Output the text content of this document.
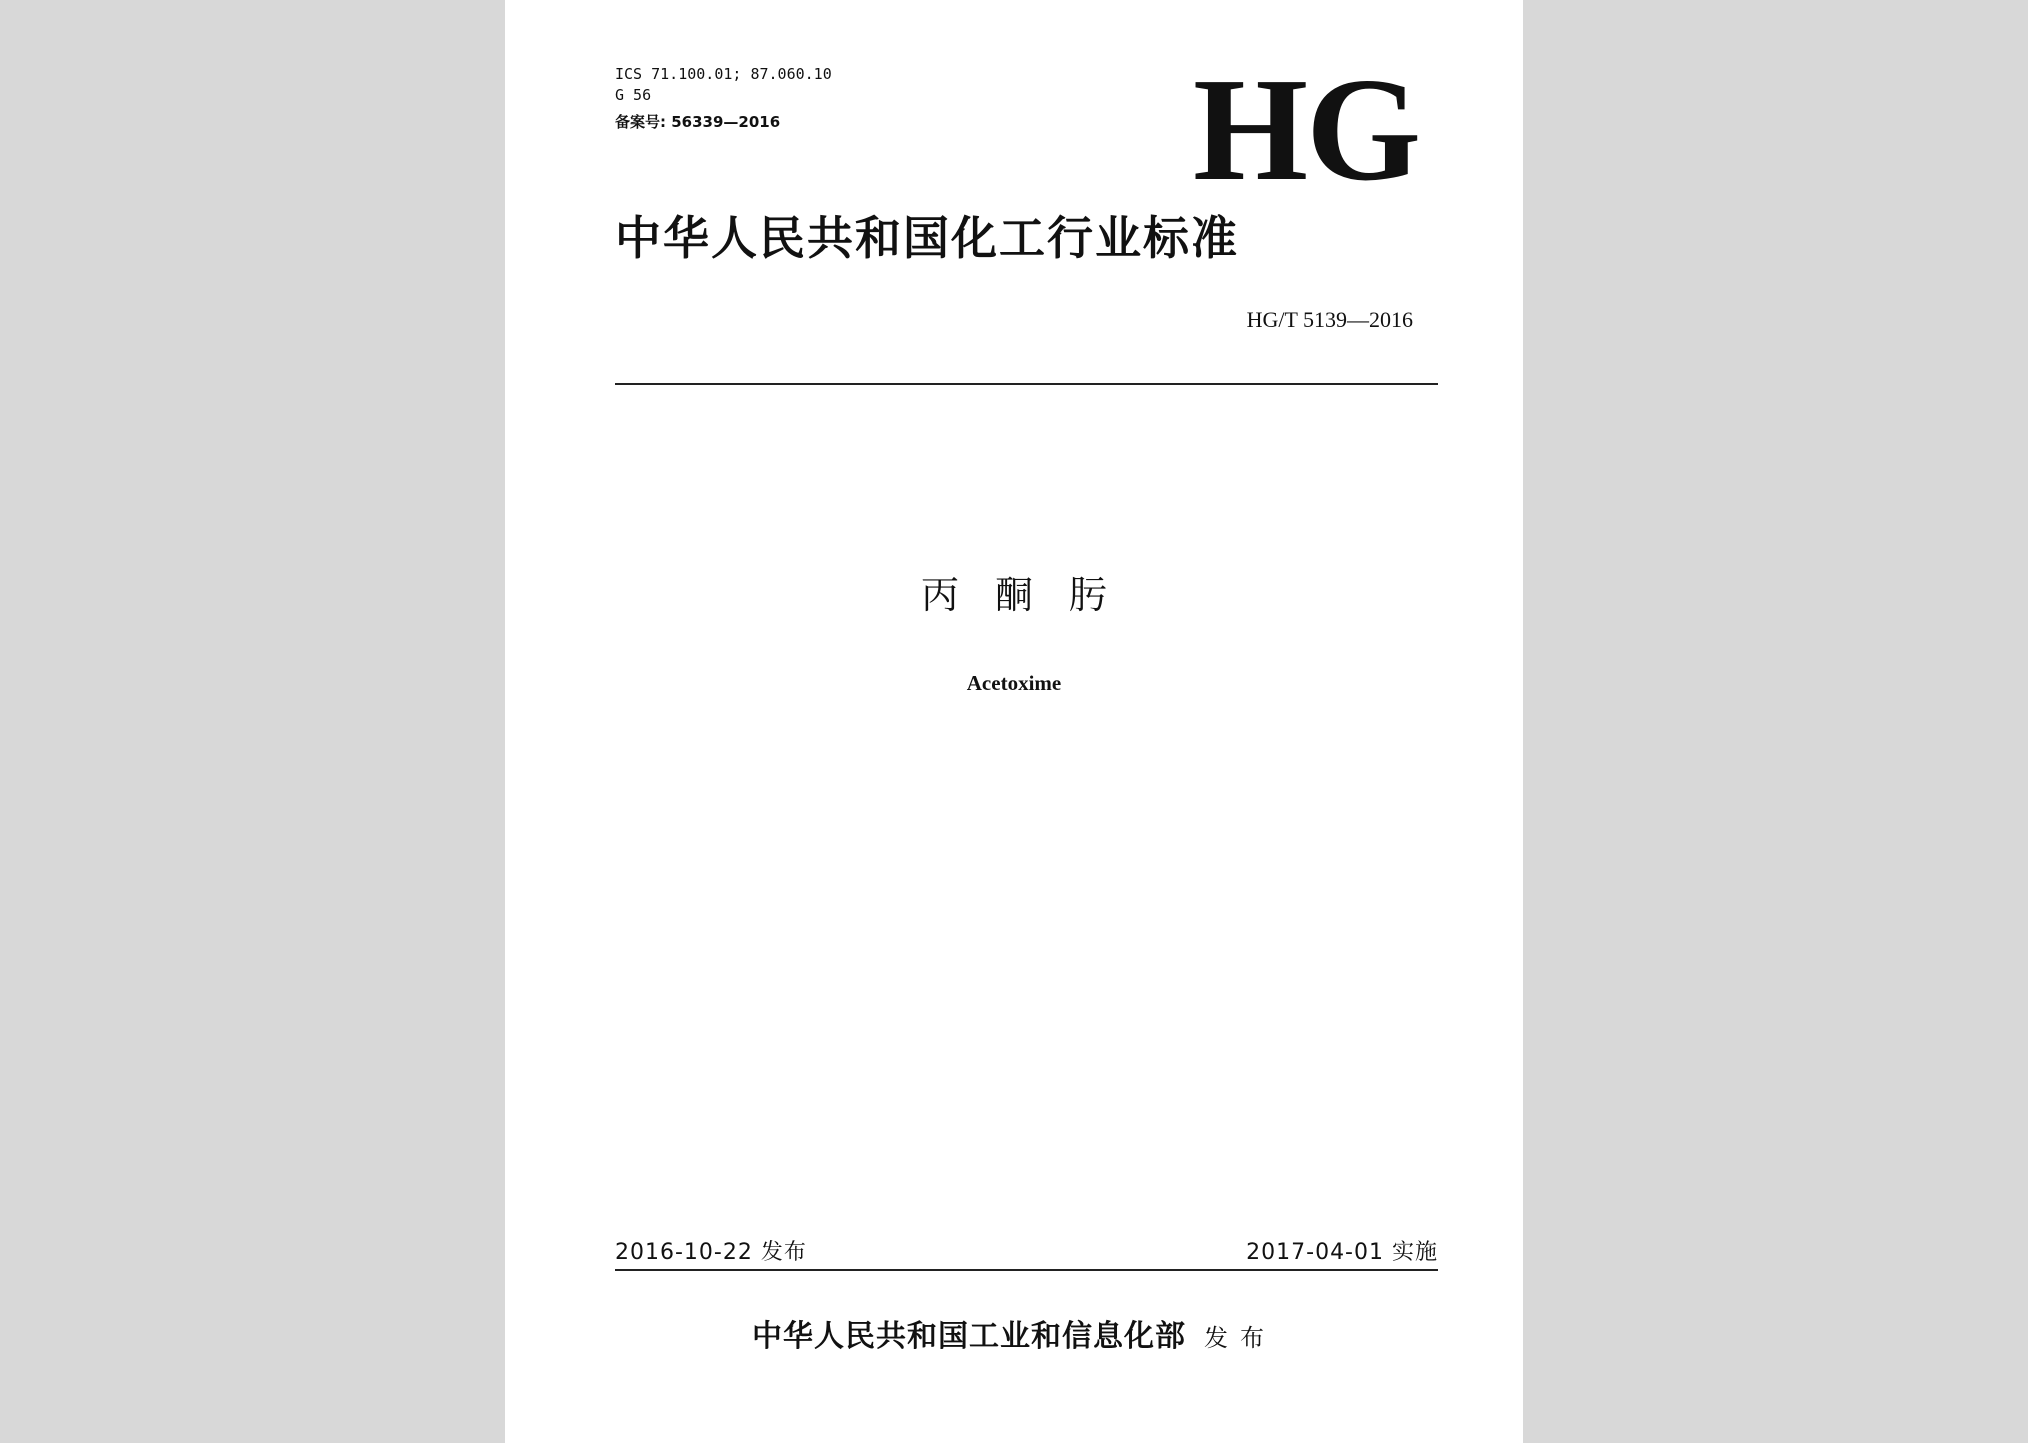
ICS 71.100.01; 87.060.10
G 56
备案号: 56339—2016	HG
中华人民共和国化工行业标准
HG/T 5139—2016
丙酮肟
Acetoxime
2016-10-22 发布	2017-04-01 实施
中华人民共和国工业和信息化部 发布
